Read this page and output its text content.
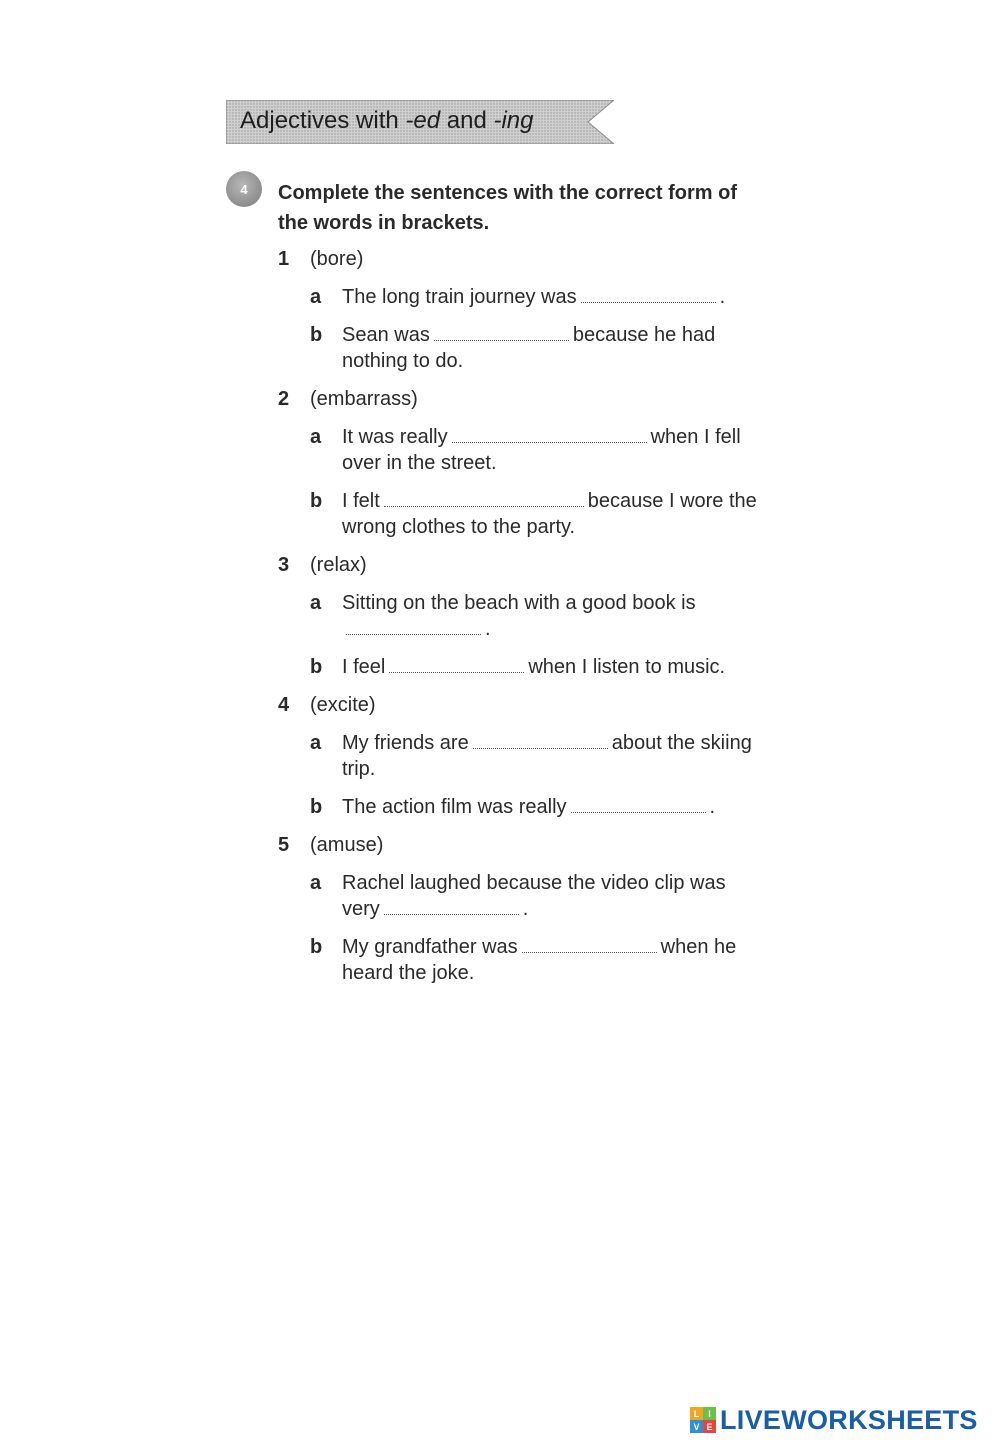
Adjectives with -ed and -ing
4	Complete the sentences with the correct form of the words in brackets.
1	(bore)
a	The long train journey was	.
b Sean was	because he had nothing to do.
2	(embarrass)
a	It was really	when I fell over in the street.
b I felt	because I wore the wrong clothes to the party.
3	(relax)
a	Sitting on the beach with a good book is .
b I feel	when I listen to music.
4	(excite)
a	My friends are	about the skiing trip.
b The action film was really	.
5	(amuse)
a	Rachel laughed because the video clip was very	.
b My grandfather was	when he heard the joke.
L I
V E LIVEWORKSHEETS
